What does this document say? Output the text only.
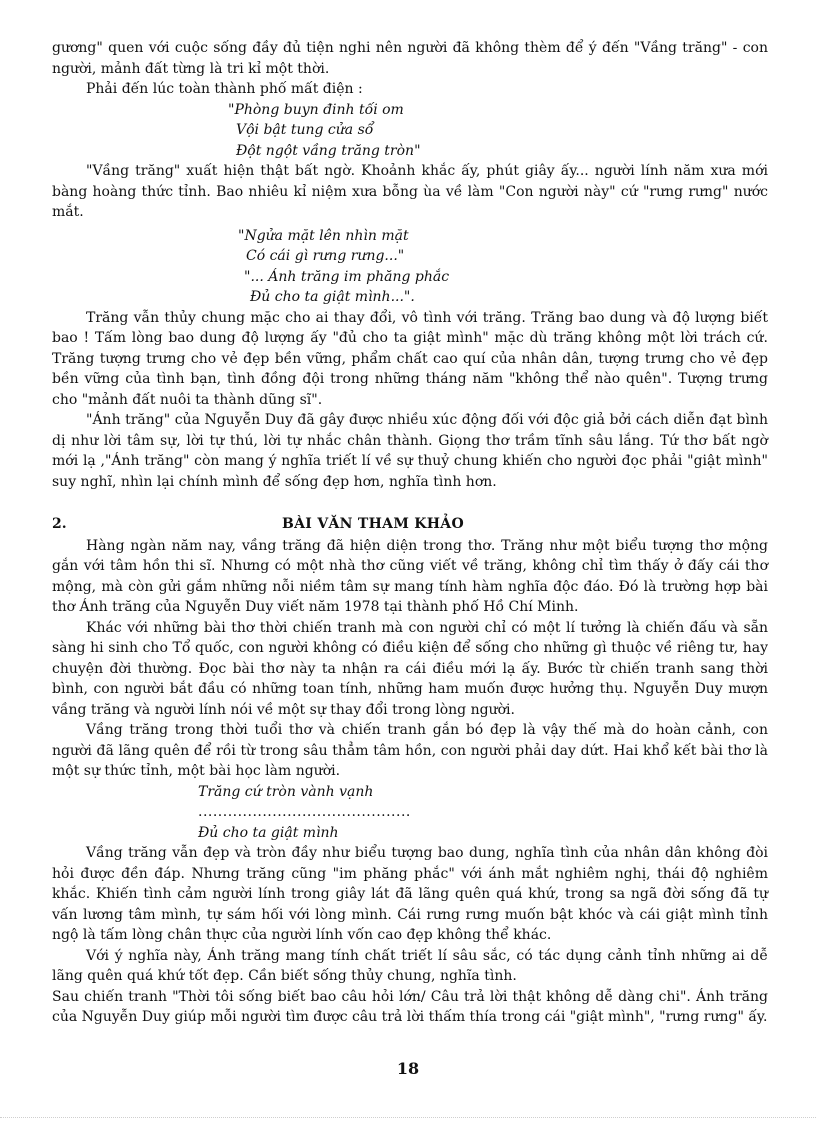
gương" quen với cuộc sống đầy đủ tiện nghi nên người đã không thèm để ý đến "Vầng trăng" - con người, mảnh đất từng là tri kỉ một thời.

Phải đến lúc toàn thành phố mất điện :

"Phòng buyn đinh tối om

Vội bật tung cửa sổ

Đột ngột vầng trăng tròn"

"Vầng trăng" xuất hiện thật bất ngờ. Khoảnh khắc ấy, phút giây ấy... người lính năm xưa mới bàng hoàng thức tỉnh. Bao nhiêu kỉ niệm xưa bỗng ùa về làm "Con người này" cứ "rưng rưng" nước mắt.

"Ngửa mặt lên nhìn mặt

Có cái gì rưng rưng..."

"... Ánh trăng im phăng phắc

Đủ cho ta giật mình...".

Trăng vẫn thủy chung mặc cho ai thay đổi, vô tình với trăng. Trăng bao dung và độ lượng biết bao ! Tấm lòng bao dung độ lượng ấy "đủ cho ta giật mình" mặc dù trăng không một lời trách cứ. Trăng tượng trưng cho vẻ đẹp bền vững, phẩm chất cao quí của nhân dân, tượng trưng cho vẻ đẹp bền vững của tình bạn, tình đồng đội trong những tháng năm "không thể nào quên". Tượng trưng cho "mảnh đất nuôi ta thành dũng sĩ".

"Ánh trăng" của Nguyễn Duy đã gây được nhiều xúc động đối với độc giả bởi cách diễn đạt bình dị như lời tâm sự, lời tự thú, lời tự nhắc chân thành. Giọng thơ trầm tĩnh sâu lắng. Tứ thơ bất ngờ mới lạ ,"Ánh trăng" còn mang ý nghĩa triết lí về sự thuỷ chung khiến cho người đọc phải "giật mình" suy nghĩ, nhìn lại chính mình để sống đẹp hơn, nghĩa tình hơn.

2.	BÀI VĂN THAM KHẢO

Hàng ngàn năm nay, vầng trăng đã hiện diện trong thơ. Trăng như một biểu tượng thơ mộng gắn với tâm hồn thi sĩ. Nhưng có một nhà thơ cũng viết về trăng, không chỉ tìm thấy ở đấy cái thơ mộng, mà còn gửi gắm những nỗi niềm tâm sự mang tính hàm nghĩa độc đáo. Đó là trường hợp bài thơ Ánh trăng của Nguyễn Duy viết năm 1978 tại thành phố Hồ Chí Minh.

Khác với những bài thơ thời chiến tranh mà con người chỉ có một lí tưởng là chiến đấu và sẵn sàng hi sinh cho Tổ quốc, con người không có điều kiện để sống cho những gì thuộc về riêng tư, hay chuyện đời thường. Đọc bài thơ này ta nhận ra cái điều mới lạ ấy. Bước từ chiến tranh sang thời bình, con người bắt đầu có những toan tính, những ham muốn được hưởng thụ. Nguyễn Duy mượn vầng trăng và người lính nói về một sự thay đổi trong lòng người.

Vầng trăng trong thời tuổi thơ và chiến tranh gắn bó đẹp là vậy thế mà do hoàn cảnh, con người đã lãng quên để rồi từ trong sâu thẳm tâm hồn, con người phải day dứt. Hai khổ kết bài thơ là một sự thức tỉnh, một bài học làm người.

Trăng cứ tròn vành vạnh

...........................................

Đủ cho ta giật mình

Vầng trăng vẫn đẹp và tròn đầy như biểu tượng bao dung, nghĩa tình của nhân dân không đòi hỏi được đền đáp. Nhưng trăng cũng "im phăng phắc" với ánh mắt nghiêm nghị, thái độ nghiêm khắc. Khiến tình cảm người lính trong giây lát đã lãng quên quá khứ, trong sa ngã đời sống đã tự vấn lương tâm mình, tự sám hối với lòng mình. Cái rưng rưng muốn bật khóc và cái giật mình tỉnh ngộ là tấm lòng chân thực của người lính vốn cao đẹp không thể khác.

Với ý nghĩa này, Ánh trăng mang tính chất triết lí sâu sắc, có tác dụng cảnh tỉnh những ai dễ lãng quên quá khứ tốt đẹp. Cần biết sống thủy chung, nghĩa tình.

Sau chiến tranh "Thời tôi sống biết bao câu hỏi lớn/ Câu trả lời thật không dễ dàng chi". Ánh trăng của Nguyễn Duy giúp mỗi người tìm được câu trả lời thấm thía trong cái "giật mình", "rưng rưng" ấy.

18
